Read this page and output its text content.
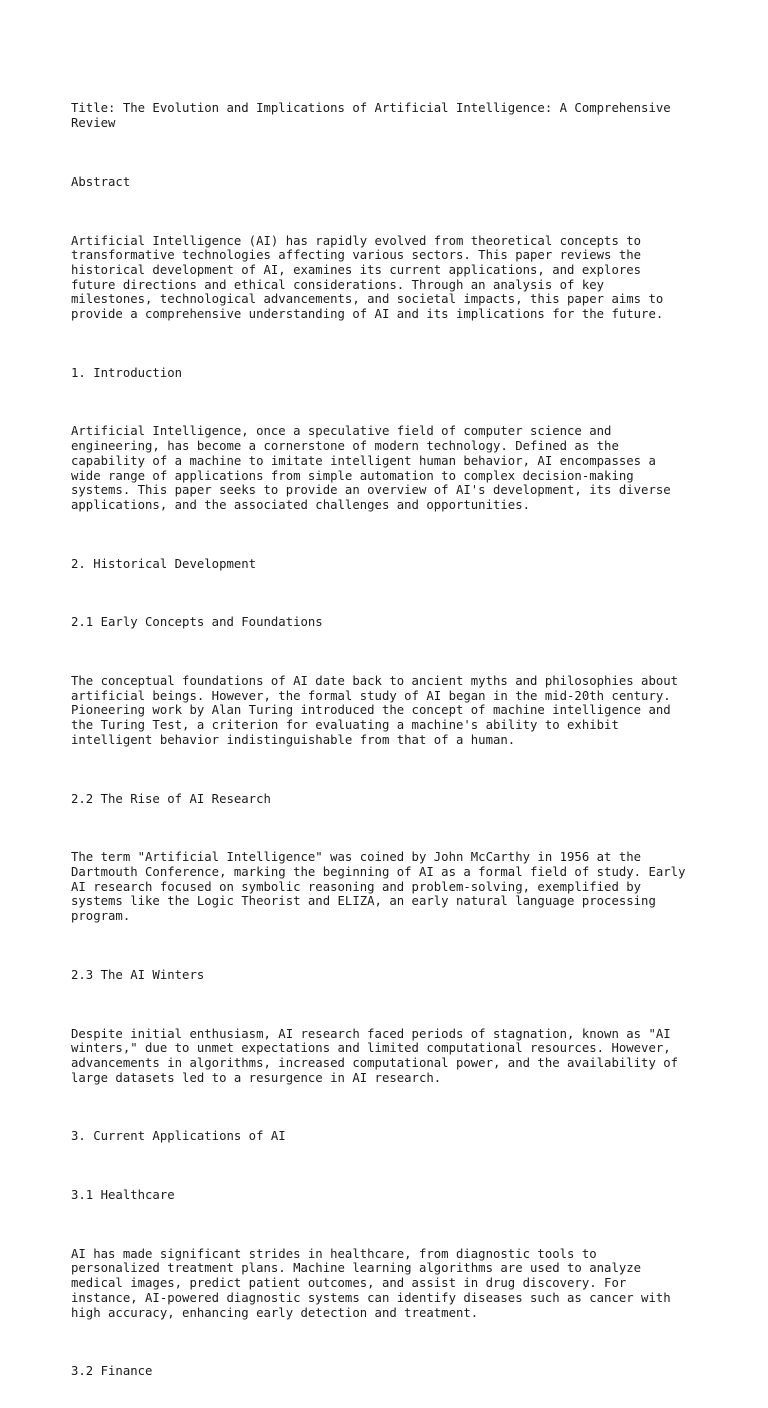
Title: The Evolution and Implications of Artificial Intelligence: A Comprehensive
Review

Abstract

Artificial Intelligence (AI) has rapidly evolved from theoretical concepts to
transformative technologies affecting various sectors. This paper reviews the
historical development of AI, examines its current applications, and explores
future directions and ethical considerations. Through an analysis of key
milestones, technological advancements, and societal impacts, this paper aims to
provide a comprehensive understanding of AI and its implications for the future.

1. Introduction

Artificial Intelligence, once a speculative field of computer science and
engineering, has become a cornerstone of modern technology. Defined as the
capability of a machine to imitate intelligent human behavior, AI encompasses a
wide range of applications from simple automation to complex decision-making
systems. This paper seeks to provide an overview of AI's development, its diverse
applications, and the associated challenges and opportunities.

2. Historical Development

2.1 Early Concepts and Foundations

The conceptual foundations of AI date back to ancient myths and philosophies about
artificial beings. However, the formal study of AI began in the mid-20th century.
Pioneering work by Alan Turing introduced the concept of machine intelligence and
the Turing Test, a criterion for evaluating a machine's ability to exhibit
intelligent behavior indistinguishable from that of a human.

2.2 The Rise of AI Research

The term "Artificial Intelligence" was coined by John McCarthy in 1956 at the
Dartmouth Conference, marking the beginning of AI as a formal field of study. Early
AI research focused on symbolic reasoning and problem-solving, exemplified by
systems like the Logic Theorist and ELIZA, an early natural language processing
program.

2.3 The AI Winters

Despite initial enthusiasm, AI research faced periods of stagnation, known as "AI
winters," due to unmet expectations and limited computational resources. However,
advancements in algorithms, increased computational power, and the availability of
large datasets led to a resurgence in AI research.

3. Current Applications of AI

3.1 Healthcare

AI has made significant strides in healthcare, from diagnostic tools to
personalized treatment plans. Machine learning algorithms are used to analyze
medical images, predict patient outcomes, and assist in drug discovery. For
instance, AI-powered diagnostic systems can identify diseases such as cancer with
high accuracy, enhancing early detection and treatment.

3.2 Finance
